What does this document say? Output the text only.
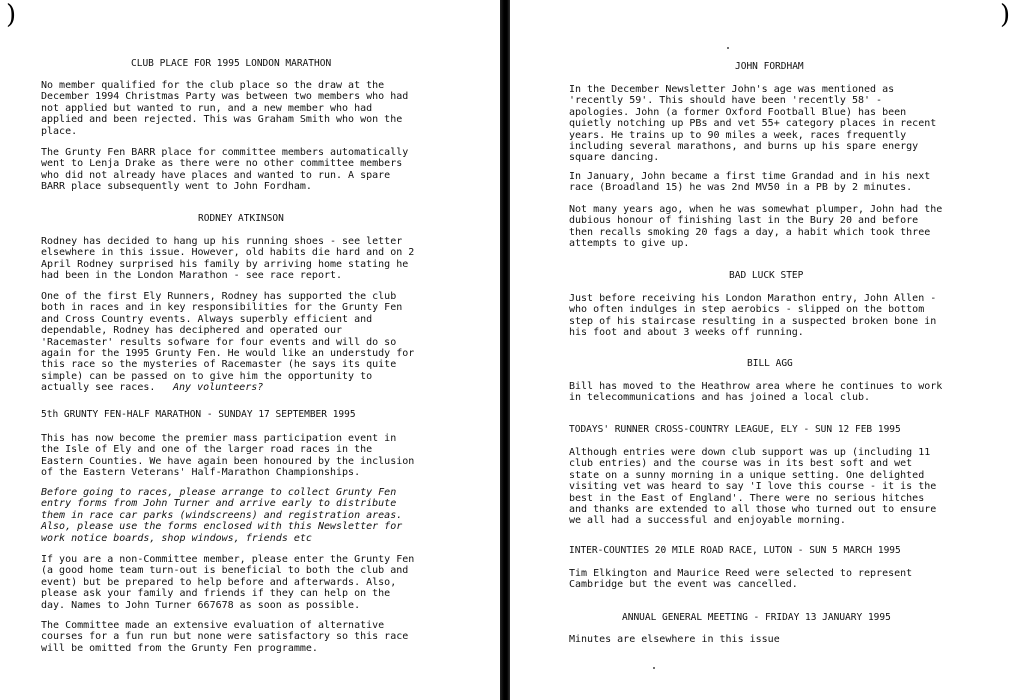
)	)
CLUB PLACE FOR 1995 LONDON MARATHON
No member qualified for the club place so the draw at the
December 1994 Christmas Party was between two members who had
not applied but wanted to run, and a new member who had
applied and been rejected. This was Graham Smith who won the
place.
The Grunty Fen BARR place for committee members automatically
went to Lenja Drake as there were no other committee members
who did not already have places and wanted to run. A spare
BARR place subsequently went to John Fordham.
RODNEY ATKINSON
Rodney has decided to hang up his running shoes - see letter
elsewhere in this issue. However, old habits die hard and on 2
April Rodney surprised his family by arriving home stating he
had been in the London Marathon - see race report.
One of the first Ely Runners, Rodney has supported the club
both in races and in key responsibilities for the Grunty Fen
and Cross Country events. Always superbly efficient and
dependable, Rodney has deciphered and operated our
'Racemaster' results sofware for four events and will do so
again for the 1995 Grunty Fen. He would like an understudy for
this race so the mysteries of Racemaster (he says its quite
simple) can be passed on to give him the opportunity to
actually see races.	Any volunteers?
5th GRUNTY FEN-HALF MARATHON - SUNDAY 17 SEPTEMBER 1995
This has now become the premier mass participation event in
the Isle of Ely and one of the larger road races in the
Eastern Counties. We have again been honoured by the inclusion
of the Eastern Veterans' Half-Marathon Championships.
Before going to races, please arrange to collect Grunty Fen
entry forms from John Turner and arrive early to distribute
them in race car parks (windscreens) and registration areas.
Also, please use the forms enclosed with this Newsletter for
work notice boards, shop windows, friends etc
If you are a non-Committee member, please enter the Grunty Fen
(a good home team turn-out is beneficial to both the club and
event) but be prepared to help before and afterwards. Also,
please ask your family and friends if they can help on the
day. Names to John Turner 667678 as soon as possible.
The Committee made an extensive evaluation of alternative
courses for a fun run but none were satisfactory so this race
will be omitted from the Grunty Fen programme.
JOHN FORDHAM
In the December Newsletter John's age was mentioned as
'recently 59'. This should have been 'recently 58' -
apologies. John (a former Oxford Football Blue) has been
quietly notching up PBs and vet 55+ category places in recent
years. He trains up to 90 miles a week, races frequently
including several marathons, and burns up his spare energy
square dancing.
In January, John became a first time Grandad and in his next
race (Broadland 15) he was 2nd MV50 in a PB by 2 minutes.
Not many years ago, when he was somewhat plumper, John had the
dubious honour of finishing last in the Bury 20 and before
then recalls smoking 20 fags a day, a habit which took three
attempts to give up.
BAD LUCK STEP
Just before receiving his London Marathon entry, John Allen -
who often indulges in step aerobics - slipped on the bottom
step of his staircase resulting in a suspected broken bone in
his foot and about 3 weeks off running.
BILL AGG
Bill has moved to the Heathrow area where he continues to work
in telecommunications and has joined a local club.
TODAYS' RUNNER CROSS-COUNTRY LEAGUE, ELY - SUN 12 FEB 1995
Although entries were down club support was up (including 11
club entries) and the course was in its best soft and wet
state on a sunny morning in a unique setting. One delighted
visiting vet was heard to say 'I love this course - it is the
best in the East of England'. There were no serious hitches
and thanks are extended to all those who turned out to ensure
we all had a successful and enjoyable morning.
INTER-COUNTIES 20 MILE ROAD RACE, LUTON - SUN 5 MARCH 1995
Tim Elkington and Maurice Reed were selected to represent
Cambridge but the event was cancelled.
ANNUAL GENERAL MEETING - FRIDAY 13 JANUARY 1995
Minutes are elsewhere in this issue
